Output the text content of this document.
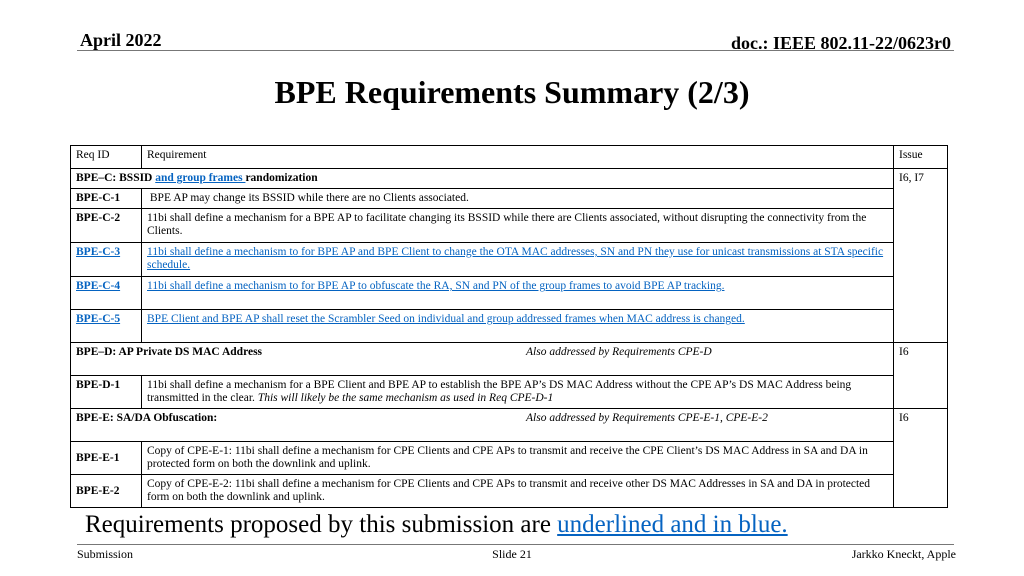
April 2022	doc.: IEEE 802.11-22/0623r0
BPE Requirements Summary (2/3)
Req ID	Requirement	Issue
BPE–C: BSSID and group frames randomization		I6, I7
BPE-C-1	BPE AP may change its BSSID while there are no Clients associated.	
BPE-C-2	11bi shall define a mechanism for a BPE AP to facilitate changing its BSSID while there are Clients associated, without disrupting the connectivity from the Clients.	
BPE-C-3	11bi shall define a mechanism to for BPE AP and BPE Client to change the OTA MAC addresses, SN and PN they use for unicast transmissions at STA specific schedule.	
BPE-C-4	11bi shall define a mechanism to for BPE AP to obfuscate the RA, SN and PN of the group frames to avoid BPE AP tracking.	
BPE-C-5	BPE Client and BPE AP shall reset the Scrambler Seed on individual and group addressed frames when MAC address is changed.	
BPE–D: AP Private DS MAC Address Also addressed by Requirements CPE-D		I6
BPE-D-1	11bi shall define a mechanism for a BPE Client and BPE AP to establish the BPE AP’s DS MAC Address without the CPE AP’s DS MAC Address being transmitted in the clear. This will likely be the same mechanism as used in Req CPE-D-1	
BPE-E: SA/DA Obfuscation: Also addressed by Requirements CPE-E-1, CPE-E-2		I6
BPE-E-1	Copy of CPE-E-1: 11bi shall define a mechanism for CPE Clients and CPE APs to transmit and receive the CPE Client’s DS MAC Address in SA and DA in protected form on both the downlink and uplink.	
BPE-E-2	Copy of CPE-E-2: 11bi shall define a mechanism for CPE Clients and CPE APs to transmit and receive other DS MAC Addresses in SA and DA in protected form on both the downlink and uplink.	
Requirements proposed by this submission are underlined and in blue.
Submission	Slide 21	Jarkko Kneckt, Apple
